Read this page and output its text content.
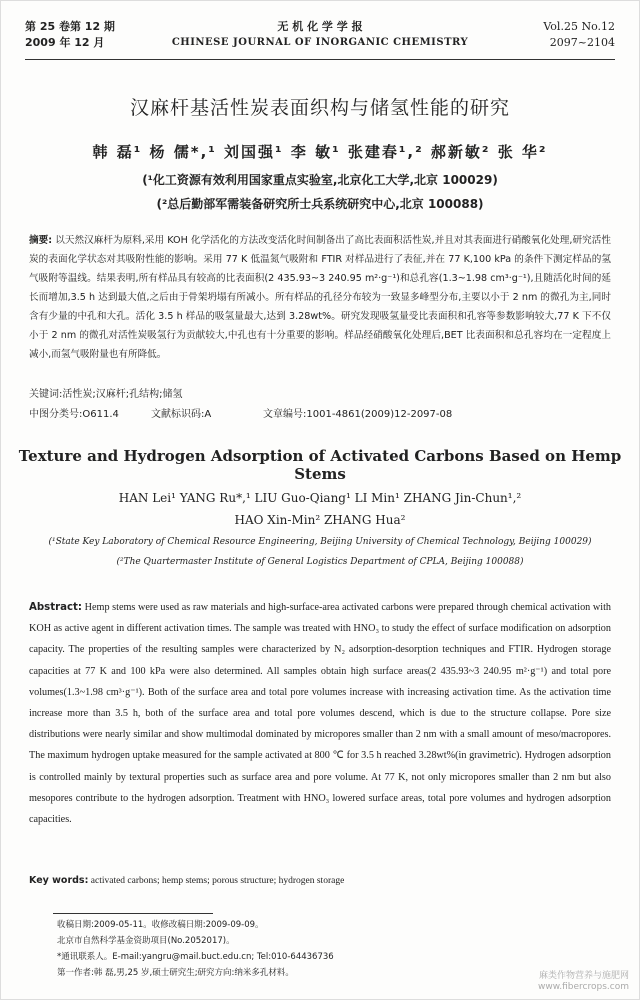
第 25 卷第 12 期
2009 年 12 月
无 机 化 学 学 报
CHINESE JOURNAL OF INORGANIC CHEMISTRY
Vol.25 No.12
2097~2104
汉麻杆基活性炭表面织构与储氢性能的研究
韩 磊¹ 杨 儒*,¹ 刘国强¹ 李 敏¹ 张建春¹,² 郝新敏² 张 华²
(¹化工资源有效利用国家重点实验室,北京化工大学,北京 100029)
(²总后勤部军需装备研究所士兵系统研究中心,北京 100088)
摘要: 以天然汉麻杆为原料,采用 KOH 化学活化的方法改变活化时间制备出了高比表面积活性炭,并且对其表面进行硝酸氧化处理,研究活性炭的表面化学状态对其吸附性能的影响。采用 77 K 低温氮气吸附和 FTIR 对样品进行了表征,并在 77 K,100 kPa 的条件下测定样品的氢气吸附等温线。结果表明,所有样品具有较高的比表面积(2 435.93~3 240.95 m²·g⁻¹)和总孔容(1.3~1.98 cm³·g⁻¹),且随活化时间的延长而增加,3.5 h 达到最大值,之后由于骨架坍塌有所减小。所有样品的孔径分布较为一致显多峰型分布,主要以小于 2 nm 的微孔为主,同时含有少量的中孔和大孔。活化 3.5 h 样品的吸氢量最大,达到 3.28wt%。研究发现吸氢量受比表面积和孔容等参数影响较大,77 K 下不仅小于 2 nm 的微孔对活性炭吸氢行为贡献较大,中孔也有十分重要的影响。样品经硝酸氧化处理后,BET 比表面积和总孔容均在一定程度上减小,而氢气吸附量也有所降低。
关键词:活性炭;汉麻杆;孔结构;储氢
中图分类号:O611.4	文献标识码:A	文章编号:1001-4861(2009)12-2097-08
Texture and Hydrogen Adsorption of Activated Carbons Based on Hemp Stems
HAN Lei¹ YANG Ru*,¹ LIU Guo-Qiang¹ LI Min¹ ZHANG Jin-Chun¹,²
HAO Xin-Min² ZHANG Hua²
(¹State Key Laboratory of Chemical Resource Engineering, Beijing University of Chemical Technology, Beijing 100029)
(²The Quartermaster Institute of General Logistics Department of CPLA, Beijing 100088)
Abstract: Hemp stems were used as raw materials and high-surface-area activated carbons were prepared through chemical activation with KOH as active agent in different activation times. The sample was treated with HNO₃ to study the effect of surface modification on adsorption capacity. The properties of the resulting samples were characterized by N₂ adsorption-desorption techniques and FTIR. Hydrogen storage capacities at 77 K and 100 kPa were also determined. All samples obtain high surface areas(2 435.93~3 240.95 m²·g⁻¹) and total pore volumes(1.3~1.98 cm³·g⁻¹). Both of the surface area and total pore volumes increase with increasing activation time. As the activation time increase more than 3.5 h, both of the surface area and total pore volumes descend, which is due to the structure collapse. Pore size distributions were nearly similar and show multimodal dominated by micropores smaller than 2 nm with a small amount of meso/macropores. The maximum hydrogen uptake measured for the sample activated at 800 ℃ for 3.5 h reached 3.28wt%(in gravimetric). Hydrogen adsorption is controlled mainly by textural properties such as surface area and pore volume. At 77 K, not only micropores smaller than 2 nm but also mesopores contribute to the hydrogen adsorption. Treatment with HNO₃ lowered surface areas, total pore volumes and hydrogen adsorption capacities.
Key words: activated carbons; hemp stems; porous structure; hydrogen storage
收稿日期:2009-05-11。收修改稿日期:2009-09-09。
北京市自然科学基金资助项目(No.2052017)。
*通讯联系人。E-mail:yangru@mail.buct.edu.cn; Tel:010-64436736
第一作者:韩 磊,男,25 岁,硕士研究生;研究方向:纳米多孔材料。	麻类作物营养与施肥网
www.fibercrops.com
